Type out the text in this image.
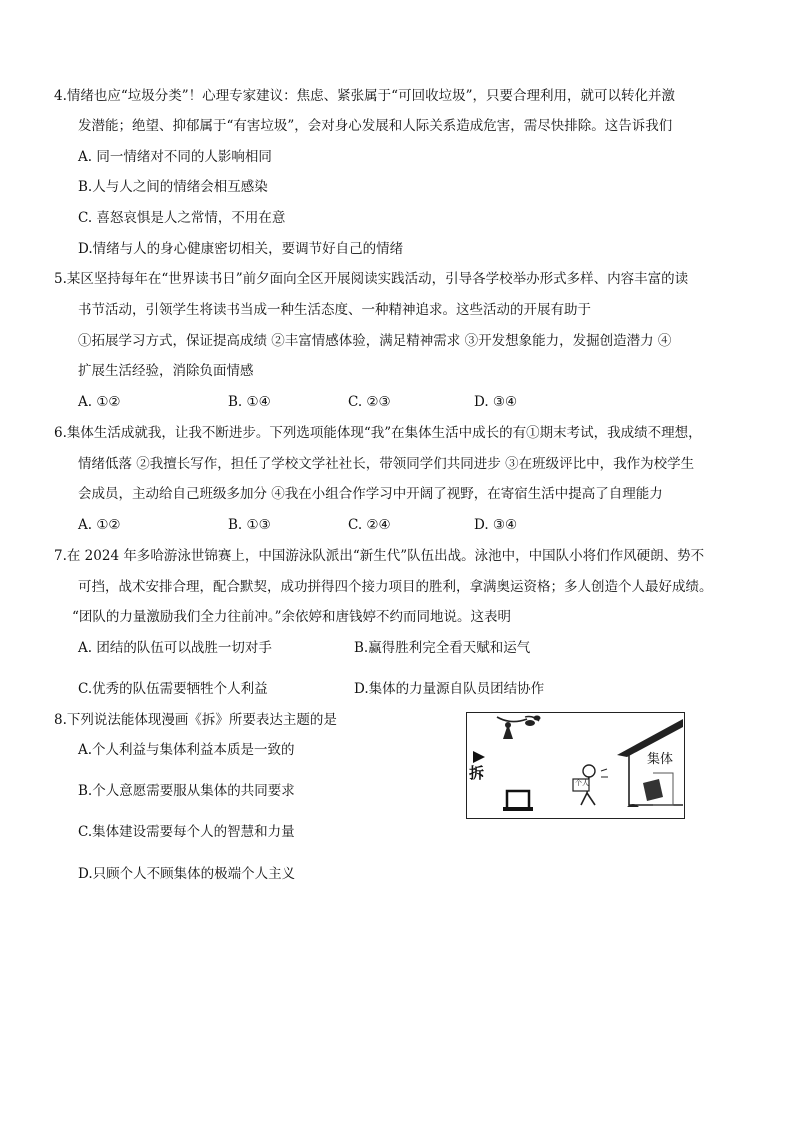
4.情绪也应“垃圾分类”！心理专家建议：焦虑、紧张属于“可回收垃圾”，只要合理利用，就可以转化并激
发潜能；绝望、抑郁属于“有害垃圾”，会对身心发展和人际关系造成危害，需尽快排除。这告诉我们
A. 同一情绪对不同的人影响相同
B.人与人之间的情绪会相互感染
C. 喜怒哀惧是人之常情，不用在意
D.情绪与人的身心健康密切相关，要调节好自己的情绪
5.某区坚持每年在“世界读书日”前夕面向全区开展阅读实践活动，引导各学校举办形式多样、内容丰富的读
书节活动，引领学生将读书当成一种生活态度、一种精神追求。这些活动的开展有助于
①拓展学习方式，保证提高成绩 ②丰富情感体验，满足精神需求 ③开发想象能力，发掘创造潜力 ④
扩展生活经验，消除负面情感
A. ①②	B. ①④	C. ②③	D. ③④
6.集体生活成就我，让我不断进步。下列选项能体现“我”在集体生活中成长的有①期末考试，我成绩不理想，
情绪低落 ②我擅长写作，担任了学校文学社社长，带领同学们共同进步 ③在班级评比中，我作为校学生
会成员，主动给自己班级多加分 ④我在小组合作学习中开阔了视野，在寄宿生活中提高了自理能力
A. ①②	B. ①③	C. ②④	D. ③④
7.在 2024 年多哈游泳世锦赛上，中国游泳队派出“新生代”队伍出战。泳池中，中国队小将们作风硬朗、势不
可挡，战术安排合理，配合默契，成功拼得四个接力项目的胜利，拿满奥运资格；多人创造个人最好成绩。
“团队的力量激励我们全力往前冲。”余依婷和唐钱婷不约而同地说。这表明
A. 团结的队伍可以战胜一切对手	B.赢得胜利完全看天赋和运气
C.优秀的队伍需要牺牲个人利益	D.集体的力量源自队员团结协作
8.下列说法能体现漫画《拆》所要表达主题的是
A.个人利益与集体利益本质是一致的
B.个人意愿需要服从集体的共同要求
C.集体建设需要每个人的智慧和力量
D.只顾个人不顾集体的极端个人主义
拆
集体
个人
